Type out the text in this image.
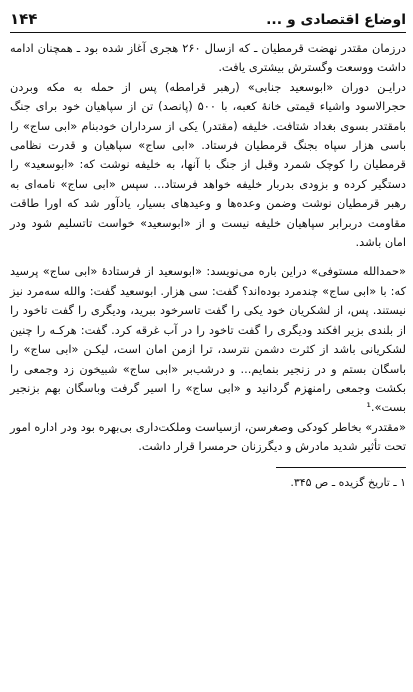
۱۴۴	اوضاع اقتصادی و ...

درزمان مقتدر نهضت قرمطیان ـ که ازسال ۲۶۰ هجری آغاز شده بود ـ همچنان ادامه داشت ووسعت وگسترش بیشتری یافت.

درایـن دوران «ابوسعید جنابی» (رهبر قرامطه) پس از حمله به مکه وبردن حجرالاسود واشیاء قیمتی خانهٔ کعبه، با ۵۰۰ (پانصد) تن از سپاهیان خود برای جنگ بامقتدر بسوی بغداد شتافت. خلیفه (مقتدر) یکی از سرداران خودبنام «ابی ساج» را باسی هزار سپاه بجنگ قرمطیان فرستاد. «ابی ساج» سپاهیان و قدرت نظامی قرمطیان را کوچک شمرد وقبل از جنگ با آنها، به خلیفه نوشت که: «ابوسعید» را دستگیر کرده و بزودی بدربار خلیفه خواهد فرستاد... سپس «ابی ساج» نامه‌ای به رهبر قرمطیان نوشت وضمن وعده‌ها و وعیدهای بسیار، یادآور شد که اورا طاقت مقاومت دربرابر سپاهیان خلیفه نیست و از «ابوسعید» خواست تاتسلیم شود ودر امان باشد.

«حمدالله مستوفی» دراین باره می‌نویسد: «ابوسعید از فرستادهٔ «ابی ساج» پرسید که: با «ابی ساج» چندمرد بوده‌اند؟ گفت: سی هزار. ابوسعید گفت: والله سه‌مرد نیز نیستند. پس، از لشکریان خود یکی را گفت تاسرخود ببرید، ودیگری را گفت تاخود را از بلندی بزیر افکند ودیگری را گفت تاخود را در آب غرقه کرد. گفت: هرکـه را چنین لشکریانی باشد از کثرت دشمن نترسد، ترا ازمن امان است، لیکـن «ابی ساج» را باسگان بستم و در زنجیر بنمایم... و درشب‌بر «ابی ساج» شبیخون زد وجمعی را بکشت وجمعی رامنهزم گردانید و «ابی ساج» را اسیر گرفت وباسگان بهم بزنجیر بست».¹

«مقتدر» بخاطر کودکی وصغرسن، ازسیاست وملکت‌داری بی‌بهره بود ودر اداره امور تحت تأثیر شدید مادرش و دیگرزنان حرمسرا قرار داشت.

۱ ـ تاریخ گزیده ـ ص ۳۴۵.
